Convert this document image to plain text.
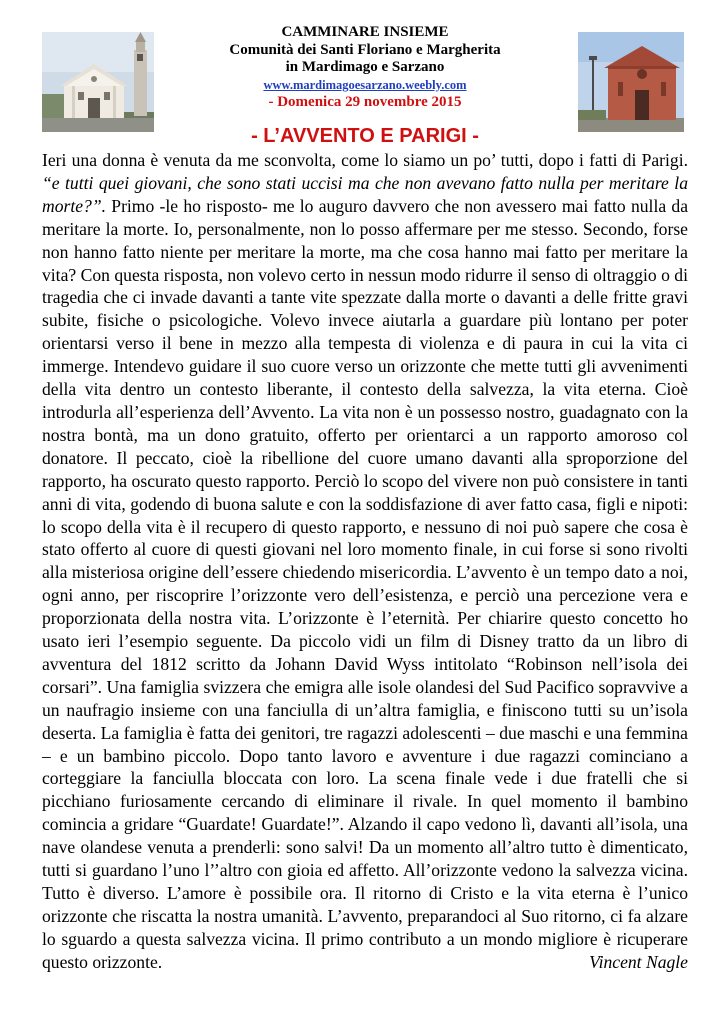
CAMMINARE INSIEME
Comunità dei Santi Floriano e Margherita
in Mardimago e Sarzano
www.mardimagoesarzano.weebly.com
- Domenica 29 novembre 2015
- L’AVVENTO E PARIGI -

Ieri una donna è venuta da me sconvolta, come lo siamo un po’ tutti, dopo i fatti di Parigi. “e tutti quei giovani, che sono stati uccisi ma che non avevano fatto nulla per meritare la morte?”. Primo -le ho risposto- me lo auguro davvero che non avessero mai fatto nulla da meritare la morte. Io, personalmente, non lo posso affermare per me stesso. Secondo, forse non hanno fatto niente per meritare la morte, ma che cosa hanno mai fatto per meritare la vita? Con questa risposta, non volevo certo in nessun modo ridurre il senso di oltraggio o di tragedia che ci invade davanti a tante vite spezzate dalla morte o davanti a delle fritte gravi subite, fisiche o psicologiche. Volevo invece aiutarla a guardare più lontano per poter orientarsi verso il bene in mezzo alla tempesta di violenza e di paura in cui la vita ci immerge. Intendevo guidare il suo cuore verso un orizzonte che mette tutti gli avvenimenti della vita dentro un contesto liberante, il contesto della salvezza, la vita eterna. Cioè introdurla all’esperienza dell’Avvento. La vita non è un possesso nostro, guadagnato con la nostra bontà, ma un dono gratuito, offerto per orientarci a un rapporto amoroso col donatore. Il peccato, cioè la ribellione del cuore umano davanti alla sproporzione del rapporto, ha oscurato questo rapporto. Perciò lo scopo del vivere non può consistere in tanti anni di vita, godendo di buona salute e con la soddisfazione di aver fatto casa, figli e nipoti: lo scopo della vita è il recupero di questo rapporto, e nessuno di noi può sapere che cosa è stato offerto al cuore di questi giovani nel loro momento finale, in cui forse si sono rivolti alla misteriosa origine dell’essere chiedendo misericordia. L’avvento è un tempo dato a noi, ogni anno, per riscoprire l’orizzonte vero dell’esistenza, e perciò una percezione vera e proporzionata della nostra vita. L’orizzonte è l’eternità. Per chiarire questo concetto ho usato ieri l’esempio seguente. Da piccolo vidi un film di Disney tratto da un libro di avventura del 1812 scritto da Johann David Wyss intitolato “Robinson nell’isola dei corsari”. Una famiglia svizzera che emigra alle isole olandesi del Sud Pacifico sopravvive a un naufragio insieme con una fanciulla di un’altra famiglia, e finiscono tutti su un’isola deserta. La famiglia è fatta dei genitori, tre ragazzi adolescenti – due maschi e una femmina – e un bambino piccolo. Dopo tanto lavoro e avventure i due ragazzi cominciano a corteggiare la fanciulla bloccata con loro. La scena finale vede i due fratelli che si picchiano furiosamente cercando di eliminare il rivale. In quel momento il bambino comincia a gridare “Guardate! Guardate!”. Alzando il capo vedono lì, davanti all’isola, una nave olandese venuta a prenderli: sono salvi! Da un momento all’altro tutto è dimenticato, tutti si guardano l’uno l’’altro con gioia ed affetto. All’orizzonte vedono la salvezza vicina. Tutto è diverso. L’amore è possibile ora. Il ritorno di Cristo e la vita eterna è l’unico orizzonte che riscatta la nostra umanità. L’avvento, preparandoci al Suo ritorno, ci fa alzare lo sguardo a questa salvezza vicina. Il primo contributo a un mondo migliore è ricuperare questo orizzonte.	Vincent Nagle
